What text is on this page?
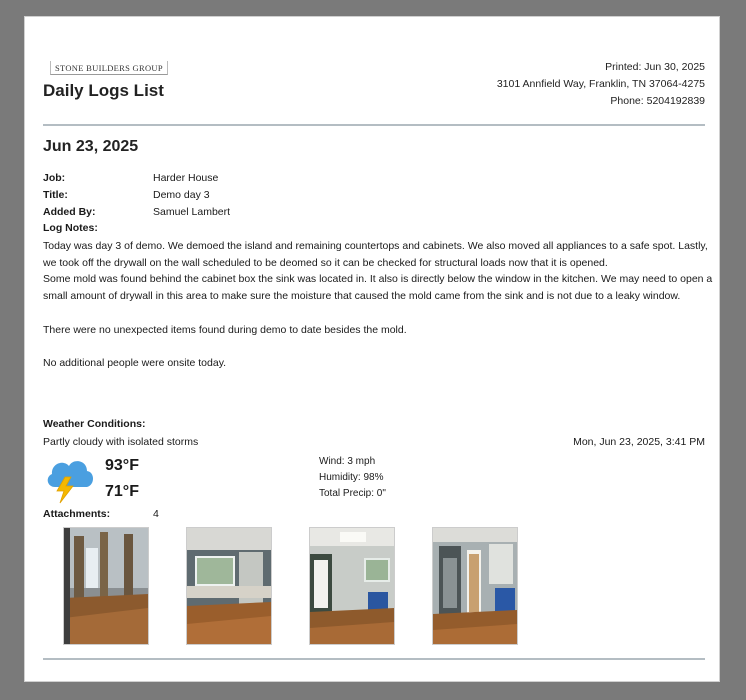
STONE BUILDERS GROUP
Daily Logs List
Printed: Jun 30, 2025
3101 Annfield Way, Franklin, TN 37064-4275
Phone: 5204192839
Jun 23, 2025
Job:	Harder House
Title:	Demo day 3
Added By:	Samuel Lambert
Log Notes:

Today was day 3 of demo. We demoed the island and remaining countertops and cabinets. We also moved all appliances to a safe spot. Lastly, we took off the drywall on the wall scheduled to be deomed so it can be checked for structural loads now that it is opened.

Some mold was found behind the cabinet box the sink was located in. It also is directly below the window in the kitchen. We may need to open a small amount of drywall in this area to make sure the moisture that caused the mold came from the sink and is not due to a leaky window.

There were no unexpected items found during demo to date besides the mold.

No additional people were onsite today.

Weather Conditions:
Partly cloudy with isolated storms	Mon, Jun 23, 2025, 3:41 PM
93°F
71°F
Wind: 3 mph
Humidity: 98%
Total Precip: 0"
Attachments:	4
